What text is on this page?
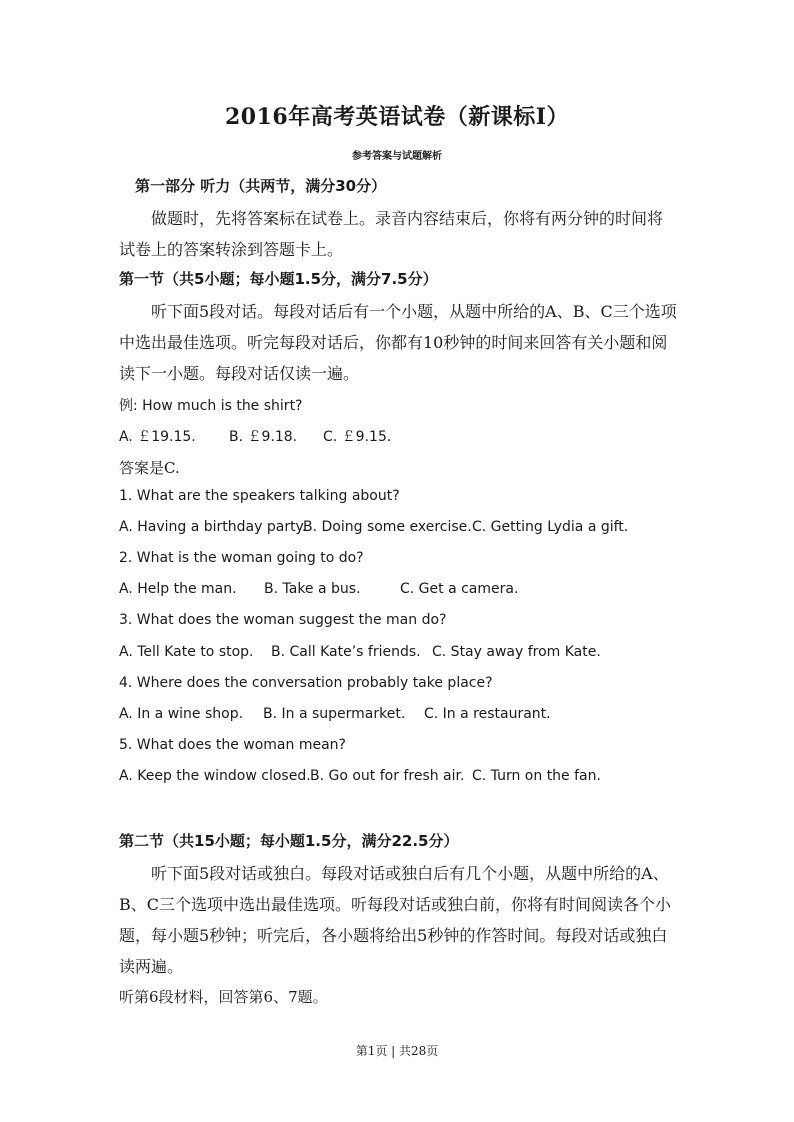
2016年高考英语试卷（新课标Ⅰ）
参考答案与试题解析
第一部分 听力（共两节，满分30分）
做题时，先将答案标在试卷上。录音内容结束后，你将有两分钟的时间将
试卷上的答案转涂到答题卡上。
第一节（共5小题；每小题1.5分，满分7.5分）
听下面5段对话。每段对话后有一个小题，从题中所给的A、B、C三个选项
中选出最佳选项。听完每段对话后，你都有10秒钟的时间来回答有关小题和阅
读下一小题。每段对话仅读一遍。
例: How much is the shirt?
A. ￡19.15. B. ￡9.18. C. ￡9.15.
答案是C.
1. What are the speakers talking about?
A. Having a birthday party.B. Doing some exercise.C. Getting Lydia a gift.
2. What is the woman going to do?
A. Help the man. B. Take a bus.	C. Get a camera.
3. What does the woman suggest the man do?
A. Tell Kate to stop. B. Call Kate’s friends. C. Stay away from Kate.
4. Where does the conversation probably take place?
A. In a wine shop. B. In a supermarket. C. In a restaurant.
5. What does the woman mean?
A. Keep the window closed.B. Go out for fresh air. C. Turn on the fan.
第二节（共15小题；每小题1.5分，满分22.5分）
听下面5段对话或独白。每段对话或独白后有几个小题，从题中所给的A、
B、C三个选项中选出最佳选项。听每段对话或独白前，你将有时间阅读各个小
题，每小题5秒钟；听完后，各小题将给出5秒钟的作答时间。每段对话或独白
读两遍。
听第6段材料，回答第6、7题。
第1页 | 共28页
